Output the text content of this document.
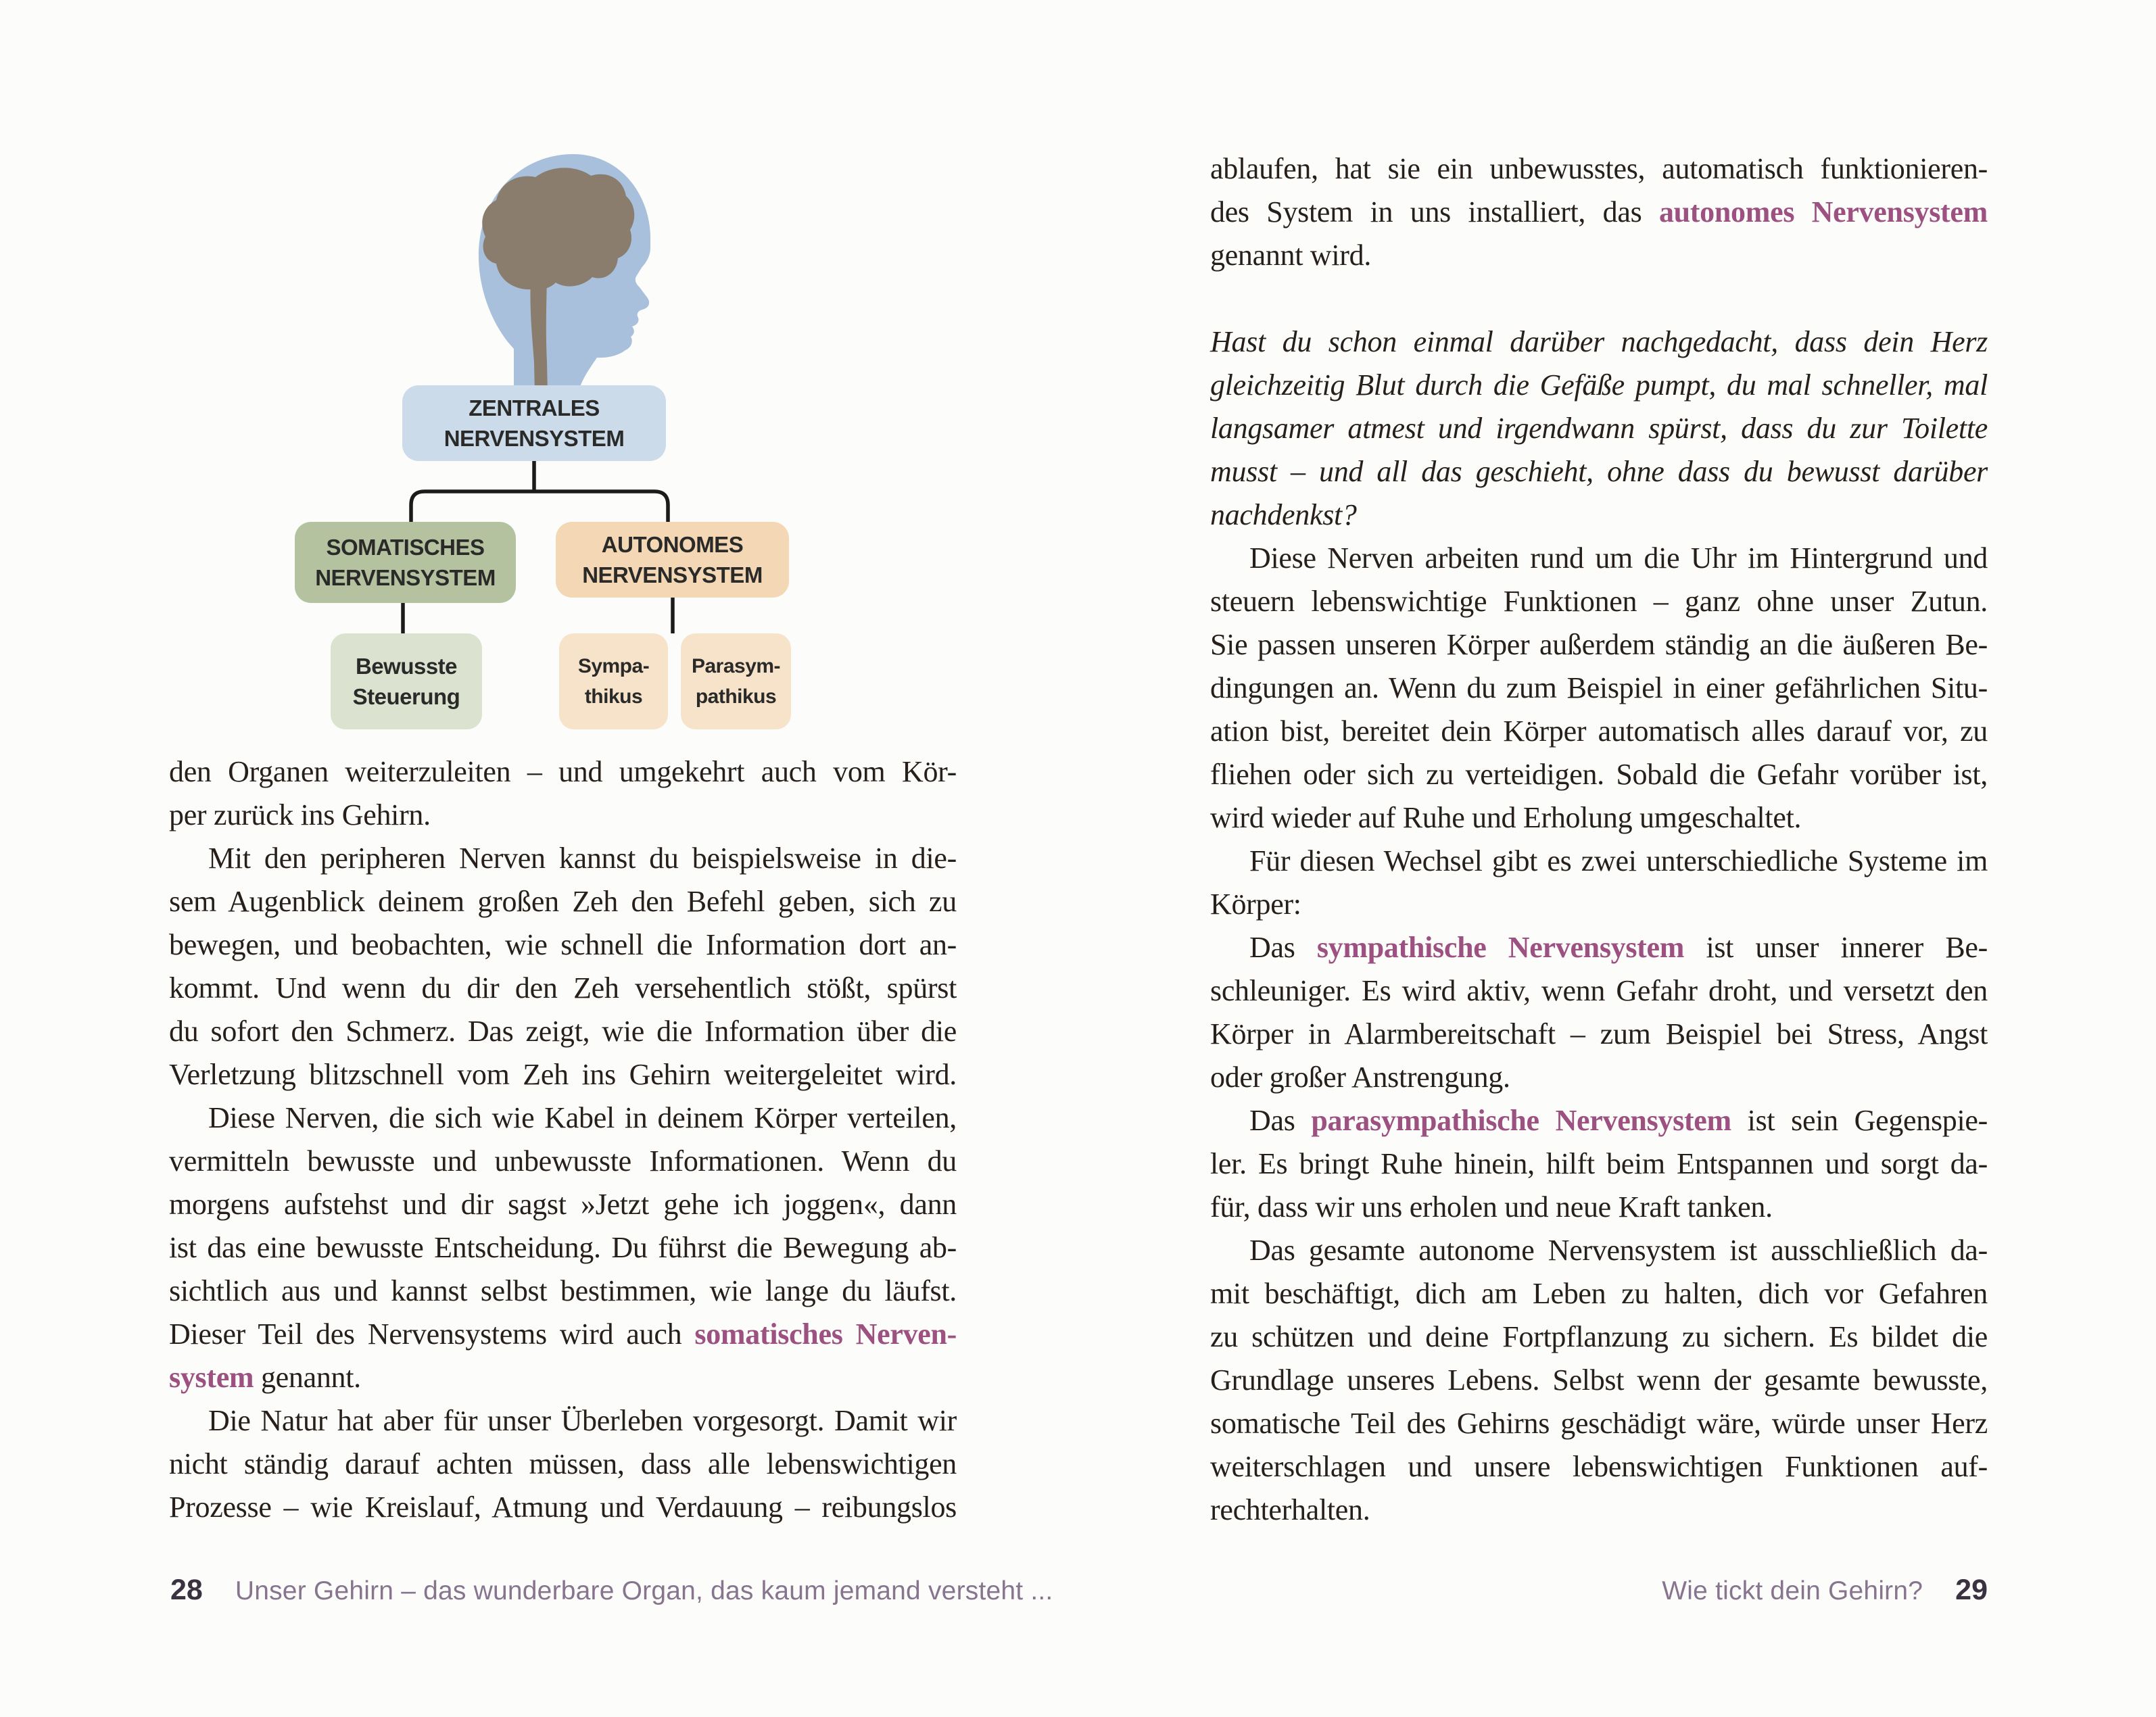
ZENTRALES
NERVENSYSTEM
SOMATISCHES
NERVENSYSTEM
AUTONOMES
NERVENSYSTEM
Bewusste
Steuerung
Sympa-
thikus
Parasym-
pathikus
den Organen weiterzuleiten – und umgekehrt auch vom Kör-
per zurück ins Gehirn.
Mit den peripheren Nerven kannst du beispielsweise in die-
sem Augenblick deinem großen Zeh den Befehl geben, sich zu
bewegen, und beobachten, wie schnell die Information dort an-
kommt. Und wenn du dir den Zeh versehentlich stößt, spürst
du sofort den Schmerz. Das zeigt, wie die Information über die
Verletzung blitzschnell vom Zeh ins Gehirn weitergeleitet wird.
Diese Nerven, die sich wie Kabel in deinem Körper verteilen,
vermitteln bewusste und unbewusste Informationen. Wenn du
morgens aufstehst und dir sagst »Jetzt gehe ich joggen«, dann
ist das eine bewusste Entscheidung. Du führst die Bewegung ab-
sichtlich aus und kannst selbst bestimmen, wie lange du läufst.
Dieser Teil des Nervensystems wird auch somatisches Nerven-
system genannt.
Die Natur hat aber für unser Überleben vorgesorgt. Damit wir
nicht ständig darauf achten müssen, dass alle lebenswichtigen
Prozesse – wie Kreislauf, Atmung und Verdauung – reibungslos
ablaufen, hat sie ein unbewusstes, automatisch funktionieren-
des System in uns installiert, das autonomes Nervensystem
genannt wird.
Hast du schon einmal darüber nachgedacht, dass dein Herz
gleichzeitig Blut durch die Gefäße pumpt, du mal schneller, mal
langsamer atmest und irgendwann spürst, dass du zur Toilette
musst – und all das geschieht, ohne dass du bewusst darüber
nachdenkst?
Diese Nerven arbeiten rund um die Uhr im Hintergrund und
steuern lebenswichtige Funktionen – ganz ohne unser Zutun.
Sie passen unseren Körper außerdem ständig an die äußeren Be-
dingungen an. Wenn du zum Beispiel in einer gefährlichen Situ-
ation bist, bereitet dein Körper automatisch alles darauf vor, zu
fliehen oder sich zu verteidigen. Sobald die Gefahr vorüber ist,
wird wieder auf Ruhe und Erholung umgeschaltet.
Für diesen Wechsel gibt es zwei unterschiedliche Systeme im
Körper:
Das sympathische Nervensystem ist unser innerer Be-
schleuniger. Es wird aktiv, wenn Gefahr droht, und versetzt den
Körper in Alarmbereitschaft – zum Beispiel bei Stress, Angst
oder großer Anstrengung.
Das parasympathische Nervensystem ist sein Gegenspie-
ler. Es bringt Ruhe hinein, hilft beim Entspannen und sorgt da-
für, dass wir uns erholen und neue Kraft tanken.
Das gesamte autonome Nervensystem ist ausschließlich da-
mit beschäftigt, dich am Leben zu halten, dich vor Gefahren
zu schützen und deine Fortpflanzung zu sichern. Es bildet die
Grundlage unseres Lebens. Selbst wenn der gesamte bewusste,
somatische Teil des Gehirns geschädigt wäre, würde unser Herz
weiterschlagen und unsere lebenswichtigen Funktionen auf-
rechterhalten.
28 Unser Gehirn – das wunderbare Organ, das kaum jemand versteht ...	Wie tickt dein Gehirn? 29
